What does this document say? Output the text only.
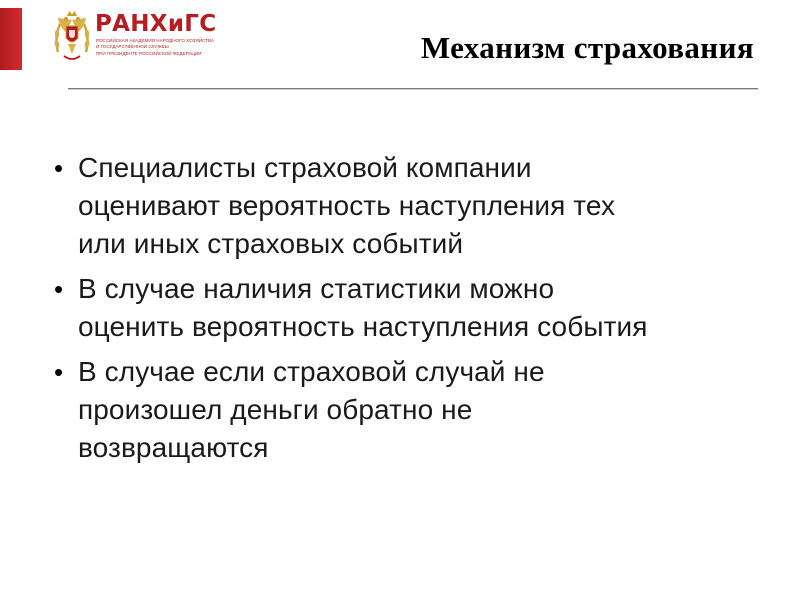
РАНХиГС
РОССИЙСКАЯ АКАДЕМИЯ НАРОДНОГО ХОЗЯЙСТВА
И ГОСУДАРСТВЕННОЙ СЛУЖБЫ
ПРИ ПРЕЗИДЕНТЕ РОССИЙСКОЙ ФЕДЕРАЦИИ	Механизм страхования
• Специалисты страховой компании
оценивают вероятность наступления тех
или иных страховых событий
• В случае наличия статистики можно
оценить вероятность наступления события
• В случае если страховой случай не
произошел деньги обратно не
возвращаются
